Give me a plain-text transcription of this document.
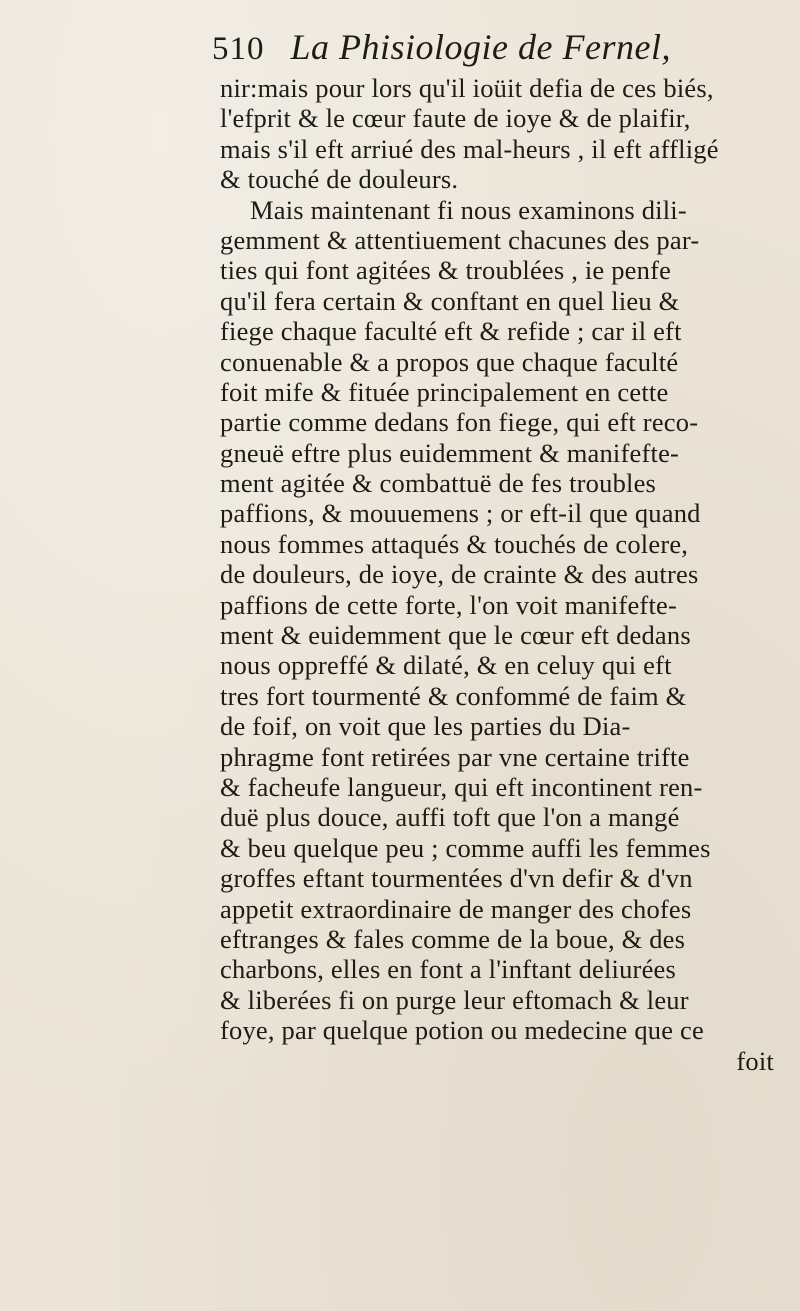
510 La Phisiologie de Fernel,
nir:mais pour lors qu'il ioüit defia de ces biés,
l'efprit & le cœur faute de ioye & de plaifir,
mais s'il eft arriué des mal-heurs , il eft affligé
& touché de douleurs.
Mais maintenant fi nous examinons dili-
gemment & attentiuement chacunes des par-
ties qui font agitées & troublées , ie penfe
qu'il fera certain & conftant en quel lieu &
fiege chaque faculté eft & refide ; car il eft
conuenable & a propos que chaque faculté
foit mife & fituée principalement en cette
partie comme dedans fon fiege, qui eft reco-
gneuë eftre plus euidemment & manifefte-
ment agitée & combattuë de fes troubles
paffions, & mouuemens ; or eft-il que quand
nous fommes attaqués & touchés de colere,
de douleurs, de ioye, de crainte & des autres
paffions de cette forte, l'on voit manifefte-
ment & euidemment que le cœur eft dedans
nous oppreffé & dilaté, & en celuy qui eft
tres fort tourmenté & confommé de faim &
de foif, on voit que les parties du Dia-
phragme font retirées par vne certaine trifte
& facheufe langueur, qui eft incontinent ren-
duë plus douce, auffi toft que l'on a mangé
& beu quelque peu ; comme auffi les femmes
groffes eftant tourmentées d'vn defir & d'vn
appetit extraordinaire de manger des chofes
eftranges & fales comme de la boue, & des
charbons, elles en font a l'inftant deliurées
& liberées fi on purge leur eftomach & leur
foye, par quelque potion ou medecine que ce
foit
